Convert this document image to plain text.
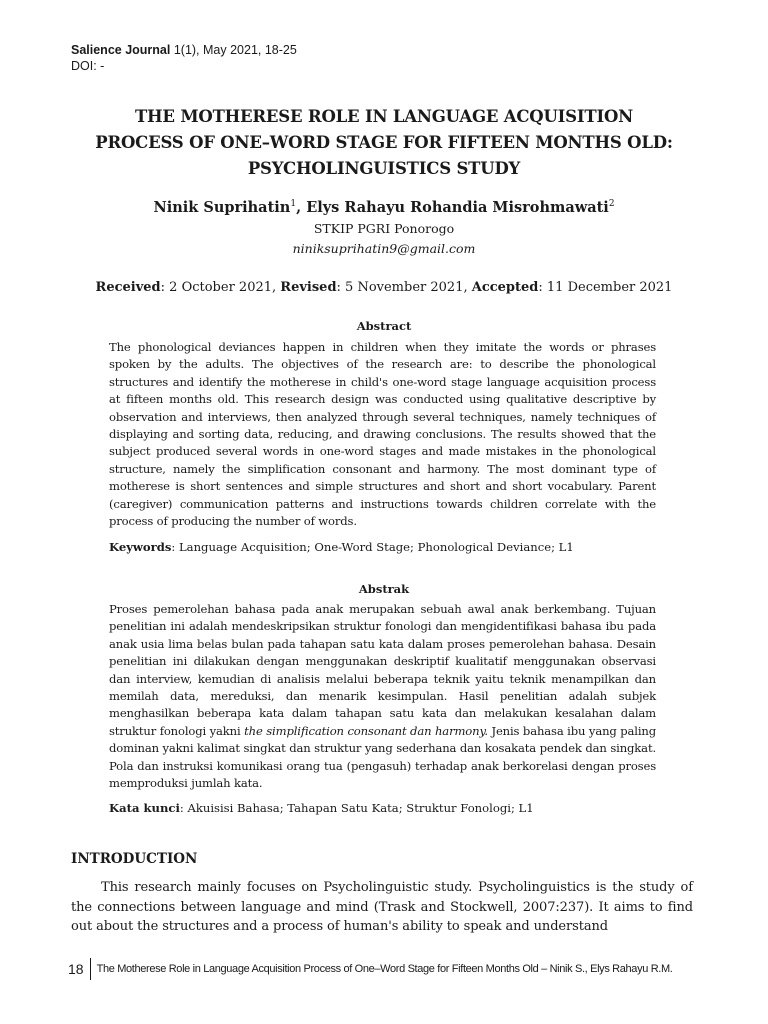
Salience Journal 1(1), May 2021, 18-25
DOI: -
THE MOTHERESE ROLE IN LANGUAGE ACQUISITION
PROCESS OF ONE–WORD STAGE FOR FIFTEEN MONTHS OLD:
PSYCHOLINGUISTICS STUDY
Ninik Suprihatin$^1$, Elys Rahayu Rohandia Misrohmawati$^2$
STKIP PGRI Ponorogo
niniksuprihatin9@gmail.com
Received: 2 October 2021, Revised: 5 November 2021, Accepted: 11 December 2021
Abstract
The phonological deviances happen in children when they imitate the words or phrases spoken by the adults. The objectives of the research are: to describe the phonological structures and identify the motherese in child's one-word stage language acquisition process at fifteen months old. This research design was conducted using qualitative descriptive by observation and interviews, then analyzed through several techniques, namely techniques of displaying and sorting data, reducing, and drawing conclusions. The results showed that the subject produced several words in one-word stages and made mistakes in the phonological structure, namely the simplification consonant and harmony. The most dominant type of motherese is short sentences and simple structures and short and short vocabulary. Parent (caregiver) communication patterns and instructions towards children correlate with the process of producing the number of words.
Keywords: Language Acquisition; One-Word Stage; Phonological Deviance; L1
Abstrak
Proses pemerolehan bahasa pada anak merupakan sebuah awal anak berkembang. Tujuan penelitian ini adalah mendeskripsikan struktur fonologi dan mengidentifikasi bahasa ibu pada anak usia lima belas bulan pada tahapan satu kata dalam proses pemerolehan bahasa. Desain penelitian ini dilakukan dengan menggunakan deskriptif kualitatif menggunakan observasi dan interview, kemudian di analisis melalui beberapa teknik yaitu teknik menampilkan dan memilah data, mereduksi, dan menarik kesimpulan. Hasil penelitian adalah subjek menghasilkan beberapa kata dalam tahapan satu kata dan melakukan kesalahan dalam struktur fonologi yakni the simplification consonant dan harmony. Jenis bahasa ibu yang paling dominan yakni kalimat singkat dan struktur yang sederhana dan kosakata pendek dan singkat. Pola dan instruksi komunikasi orang tua (pengasuh) terhadap anak berkorelasi dengan proses memproduksi jumlah kata.
Kata kunci: Akuisisi Bahasa; Tahapan Satu Kata; Struktur Fonologi; L1
INTRODUCTION
This research mainly focuses on Psycholinguistic study. Psycholinguistics is the study of the connections between language and mind (Trask and Stockwell, 2007:237). It aims to find out about the structures and a process of human's ability to speak and understand
18	The Motherese Role in Language Acquisition Process of One–Word Stage for Fifteen Months Old – Ninik S., Elys Rahayu R.M.
